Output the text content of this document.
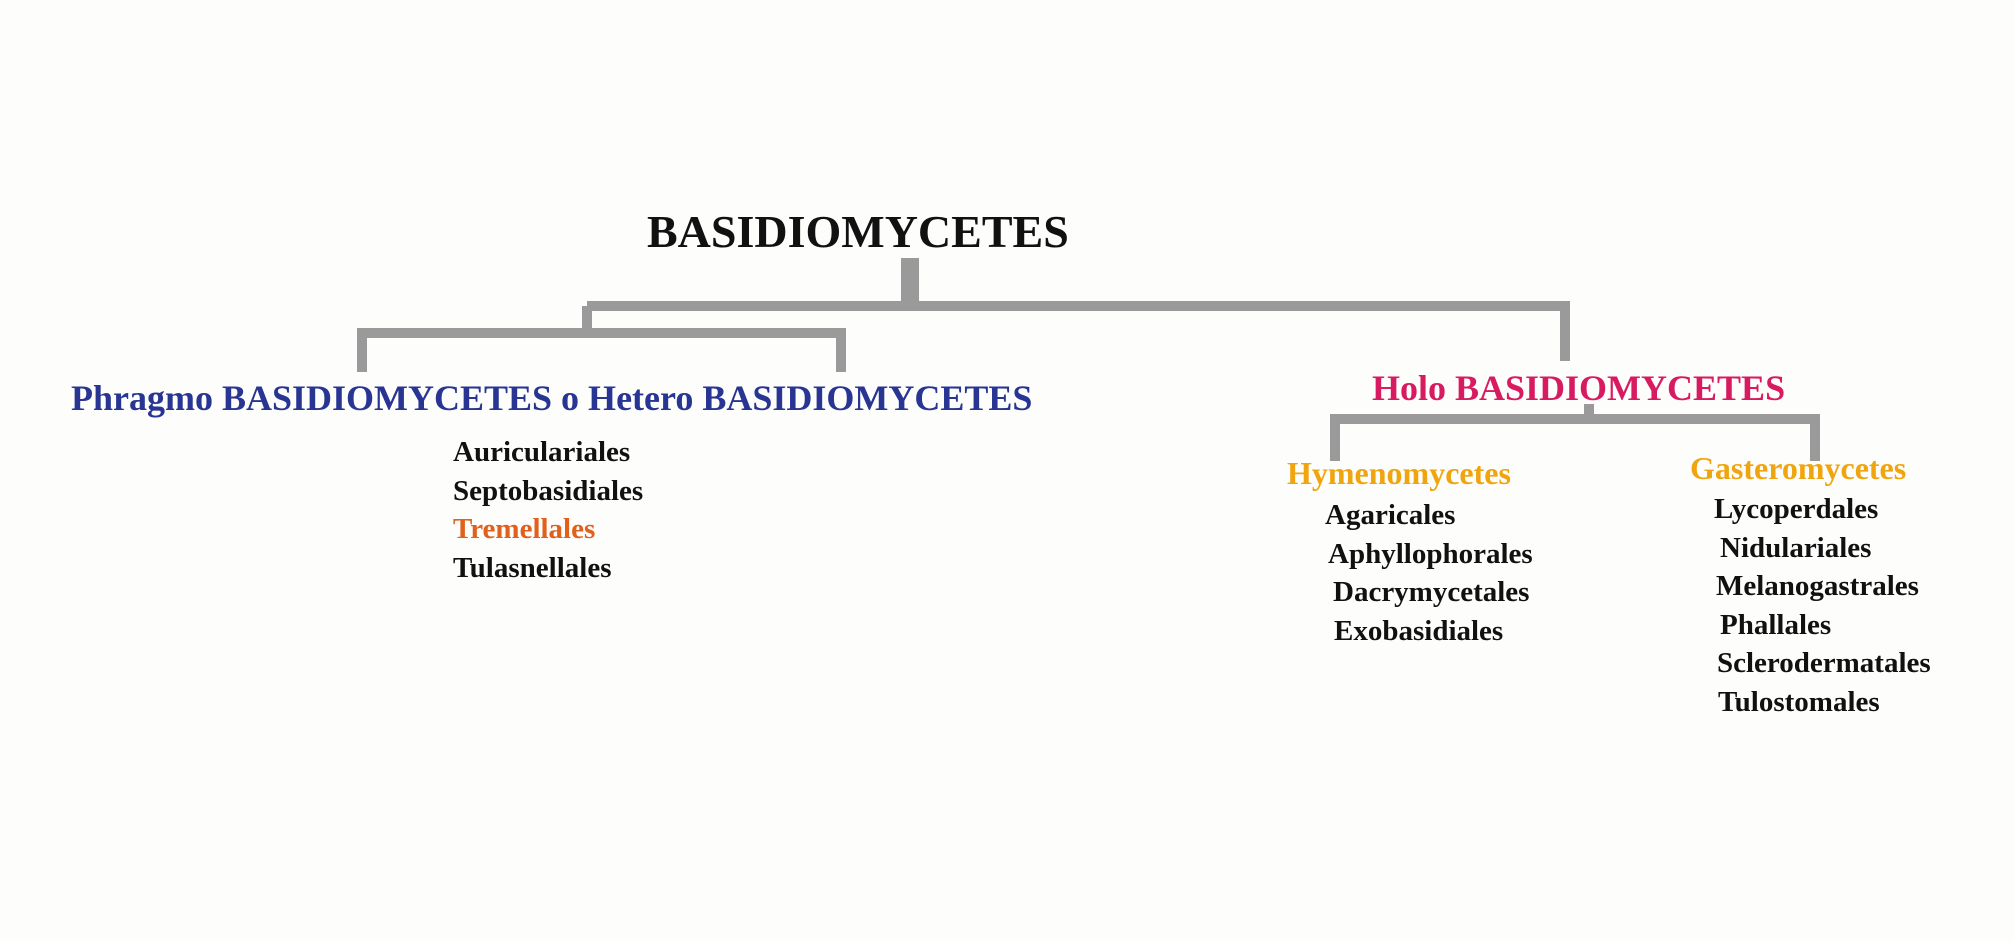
BASIDIOMYCETES
Phragmo BASIDIOMYCETES o Hetero BASIDIOMYCETES
Auriculariales
Septobasidiales
Tremellales
Tulasnellales
Holo BASIDIOMYCETES
Hymenomycetes
Agaricales
Aphyllophorales
Dacrymycetales
Exobasidiales
Gasteromycetes
Lycoperdales
Nidulariales
Melanogastrales
Phallales
Sclerodermatales
Tulostomales
